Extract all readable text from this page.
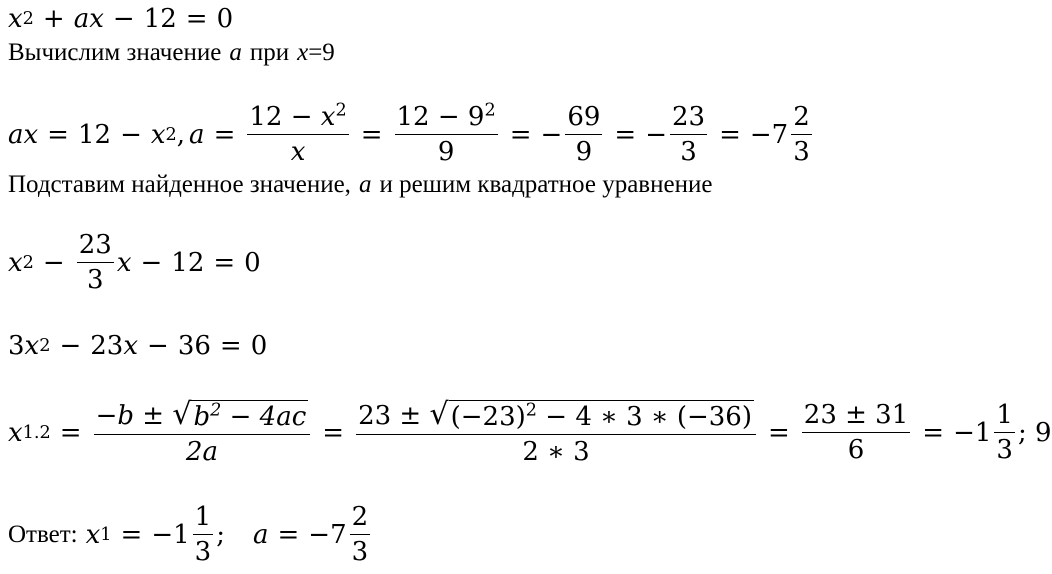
x 2 + ax − 12 = 0
Вычислим значение a при x =9
ax = 12 − x 2 , $a = \frac{12 - x^2}{x} = \frac{12 - 9^2}{9}$ = − $\frac{69}{9}$ = − $\frac{23}{3} = -7 \frac{2}{3}$
Подставим найденное значение, a и решим квадратное уравнение
x $2 - \frac{23}{3}$ x − 12 = 0
3 x 2 − 23 x − 36 = 0
x $1.2 = \frac{-b \pm √ b^2 - 4ac}{2a} = \frac{23 \pm √ (-23)^2 - 4 ∗ 3 ∗ (-36)}{2 ∗ 3} = \frac{23 \pm 31}{6} = -1 \frac{1}{3}$ ; 9
Ответ: x $1 = -1 \frac{1}{3}$ ; $a = -7 \frac{2}{3}$
